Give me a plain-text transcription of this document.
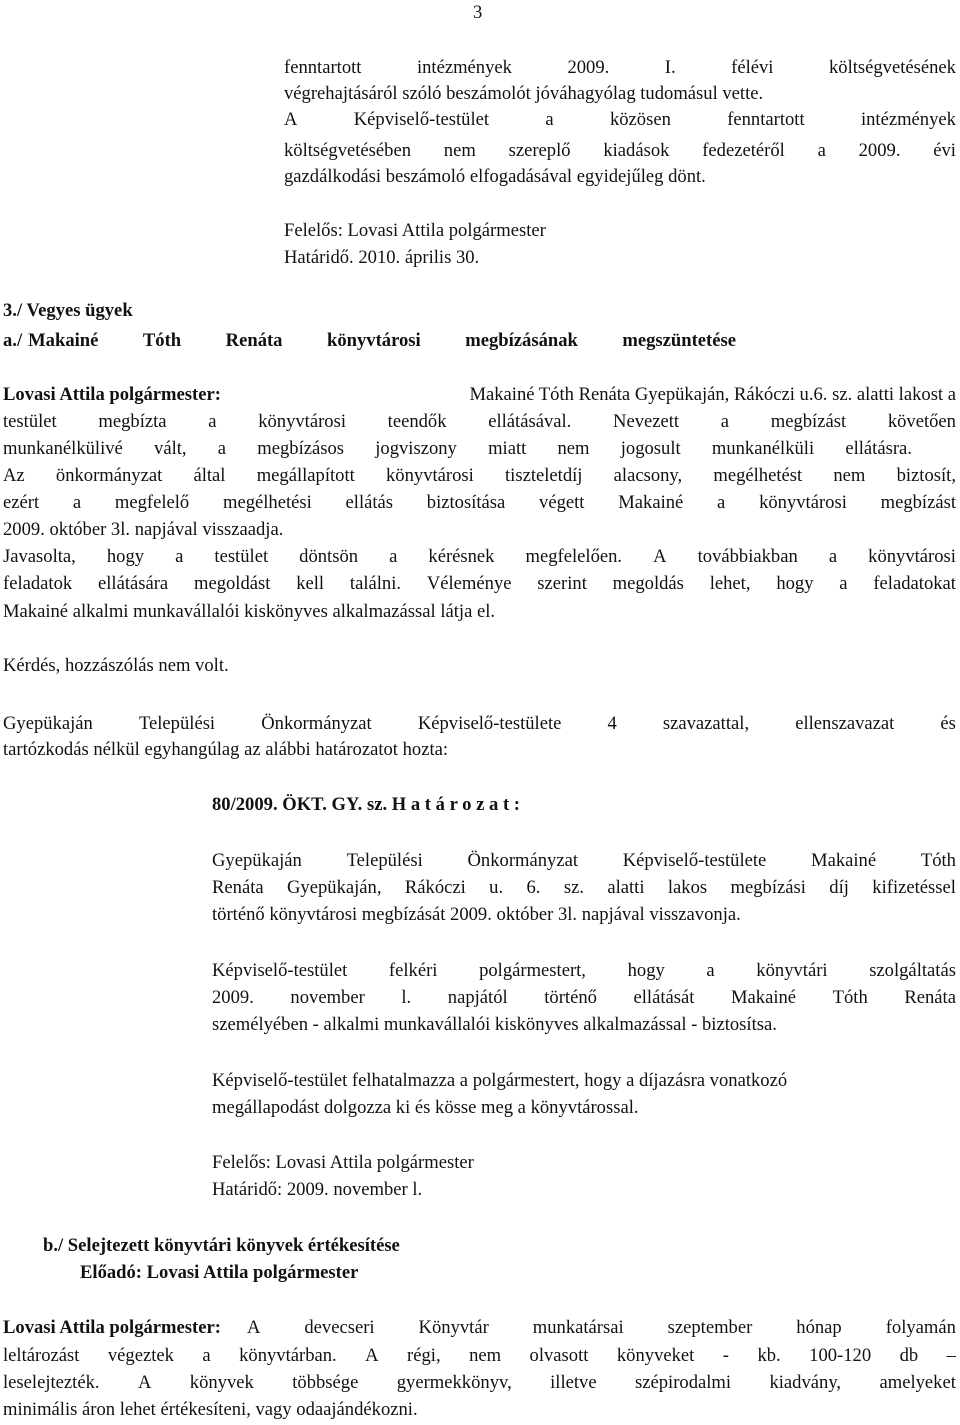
3
fenntartott	intézmények	2009.	I.	félévi	költségvetésének
végrehajtásáról szóló beszámolót jóváhagyólag tudomásul vette.
A	Képviselő-testület	a	közösen	fenntartott	intézmények
költségvetésében nem szereplő kiadások fedezetéről a 2009. évi
gazdálkodási beszámoló elfogadásával egyidejűleg dönt.
Felelős: Lovasi Attila polgármester
Határidő. 2010. április 30.
3./ Vegyes ügyek
a./ Makainé Tóth Renáta könyvtárosi megbízásának megszüntetése
Lovasi Attila polgármester:	Makainé Tóth Renáta Gyepükaján, Rákóczi u.6. sz. alatti lakost a
testület megbízta a könyvtárosi teendők ellátásával. Nevezett a megbízást követően
munkanélkülivé vált, a megbízásos jogviszony miatt nem jogosult munkanélküli ellátásra.
Az önkormányzat által megállapított könyvtárosi tiszteletdíj alacsony, megélhetést nem biztosít,
ezért a megfelelő megélhetési ellátás biztosítása végett Makainé a könyvtárosi megbízást
2009. október 3l. napjával visszaadja.
Javasolta, hogy a testület döntsön a kérésnek megfelelően. A továbbiakban a könyvtárosi
feladatok ellátására megoldást kell találni. Véleménye szerint megoldás lehet, hogy a feladatokat
Makainé alkalmi munkavállalói kiskönyves alkalmazással látja el.
Kérdés, hozzászólás nem volt.
Gyepükaján Települési Önkormányzat Képviselő-testülete 4 szavazattal, ellenszavazat és
tartózkodás nélkül egyhangúlag az alábbi határozatot hozta:
80/2009. ÖKT. GY. sz. H a t á r o z a t :
Gyepükaján Települési Önkormányzat Képviselő-testülete Makainé Tóth
Renáta Gyepükaján, Rákóczi u. 6. sz. alatti lakos megbízási díj kifizetéssel
történő könyvtárosi megbízását 2009. október 3l. napjával visszavonja.
Képviselő-testület felkéri polgármestert, hogy a könyvtári szolgáltatás
2009. november l. napjától történő ellátását Makainé Tóth Renáta
személyében - alkalmi munkavállalói kiskönyves alkalmazással - biztosítsa.
Képviselő-testület felhatalmazza a polgármestert, hogy a díjazásra vonatkozó
megállapodást dolgozza ki és kösse meg a könyvtárossal.
Felelős: Lovasi Attila polgármester
Határidő: 2009. november l.
b./ Selejtezett könyvtári könyvek értékesítése
Előadó: Lovasi Attila polgármester
Lovasi Attila polgármester: A devecseri Könyvtár munkatársai szeptember hónap folyamán
leltározást végeztek a könyvtárban. A régi, nem olvasott könyveket - kb. 100-120 db –
leselejtezték. A könyvek többsége gyermekkönyv, illetve szépirodalmi kiadvány, amelyeket
minimális áron lehet értékesíteni, vagy odaajándékozni.
